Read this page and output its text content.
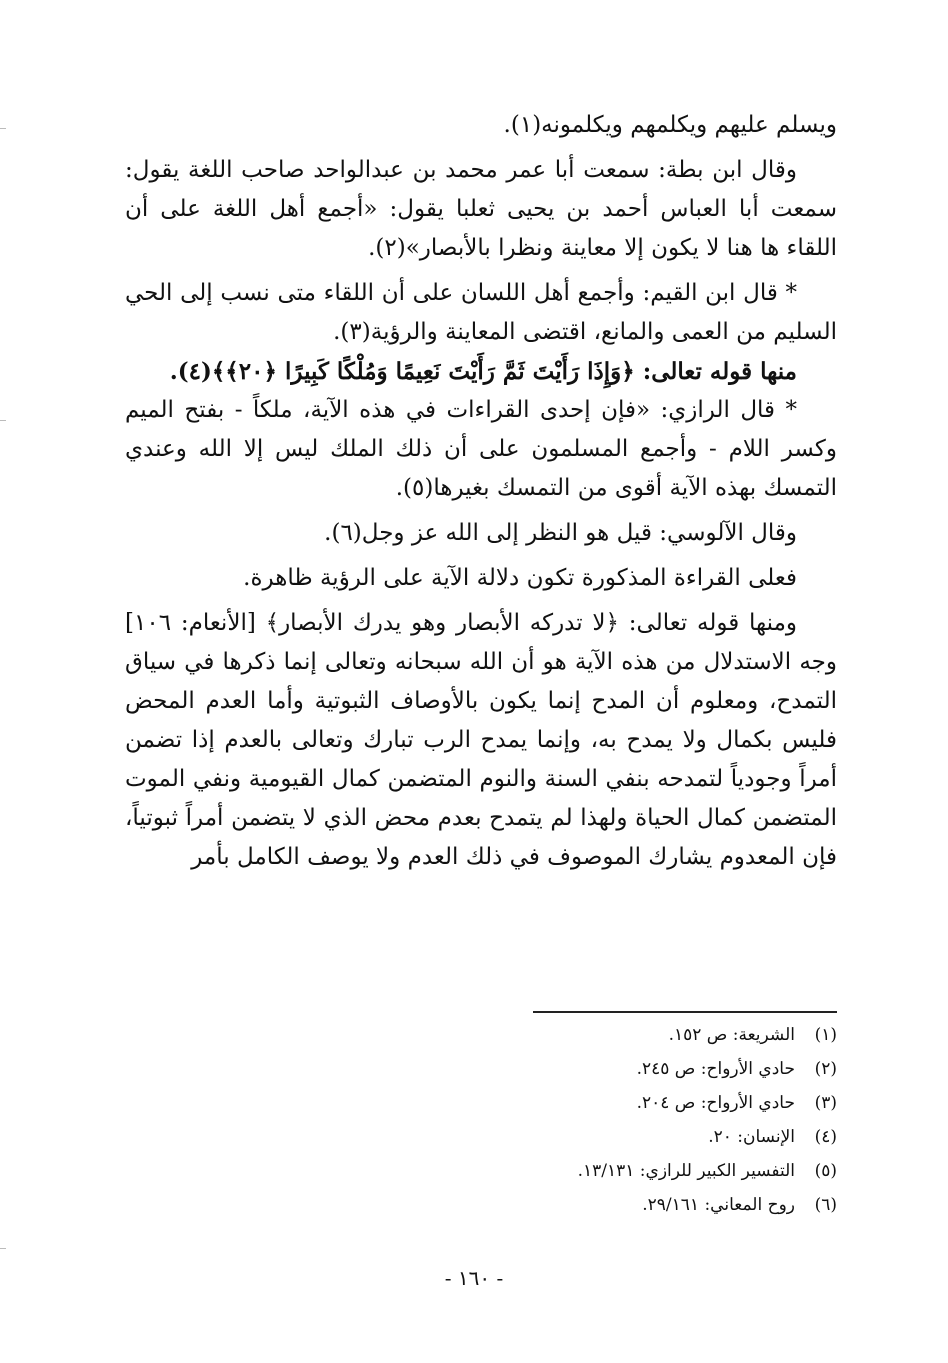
ويسلم عليهم ويكلمهم ويكلمونه(١).

وقال ابن بطة: سمعت أبا عمر محمد بن عبدالواحد صاحب اللغة يقول: سمعت أبا العباس أحمد بن يحيى ثعلبا يقول: «أجمع أهل اللغة على أن اللقاء ها هنا لا يكون إلا معاينة ونظرا بالأبصار»(٢).

* قال ابن القيم: وأجمع أهل اللسان على أن اللقاء متى نسب إلى الحي السليم من العمى والمانع، اقتضى المعاينة والرؤية(٣).

منها قوله تعالى: ﴿وَإِذَا رَأَيْتَ ثَمَّ رَأَيْتَ نَعِيمًا وَمُلْكًا كَبِيرًا ﴿٢٠﴾﴾(٤).

* قال الرازي: «فإن إحدى القراءات في هذه الآية، ملكاً - بفتح الميم وكسر اللام - وأجمع المسلمون على أن ذلك الملك ليس إلا الله وعندي التمسك بهذه الآية أقوى من التمسك بغيرها(٥).

وقال الآلوسي: قيل هو النظر إلى الله عز وجل(٦).

فعلى القراءة المذكورة تكون دلالة الآية على الرؤية ظاهرة.

ومنها قوله تعالى: ﴿لا تدركه الأبصار وهو يدرك الأبصار﴾ [الأنعام: ١٠٦] وجه الاستدلال من هذه الآية هو أن الله سبحانه وتعالى إنما ذكرها في سياق التمدح، ومعلوم أن المدح إنما يكون بالأوصاف الثبوتية وأما العدم المحض فليس بكمال ولا يمدح به، وإنما يمدح الرب تبارك وتعالى بالعدم إذا تضمن أمراً وجودياً لتمدحه بنفي السنة والنوم المتضمن كمال القيومية ونفي الموت المتضمن كمال الحياة ولهذا لم يتمدح بعدم محض الذي لا يتضمن أمراً ثبوتياً، فإن المعدوم يشارك الموصوف في ذلك العدم ولا يوصف الكامل بأمر

(١)
الشريعة: ص ١٥٢.
(٢)
حادي الأرواح: ص ٢٤٥.
(٣)
حادي الأرواح: ص ٢٠٤.
(٤)
الإنسان: ٢٠.
(٥)
التفسير الكبير للرازي: ١٣/١٣١.
(٦)
روح المعاني: ٢٩/١٦١.
- ١٦٠ -
